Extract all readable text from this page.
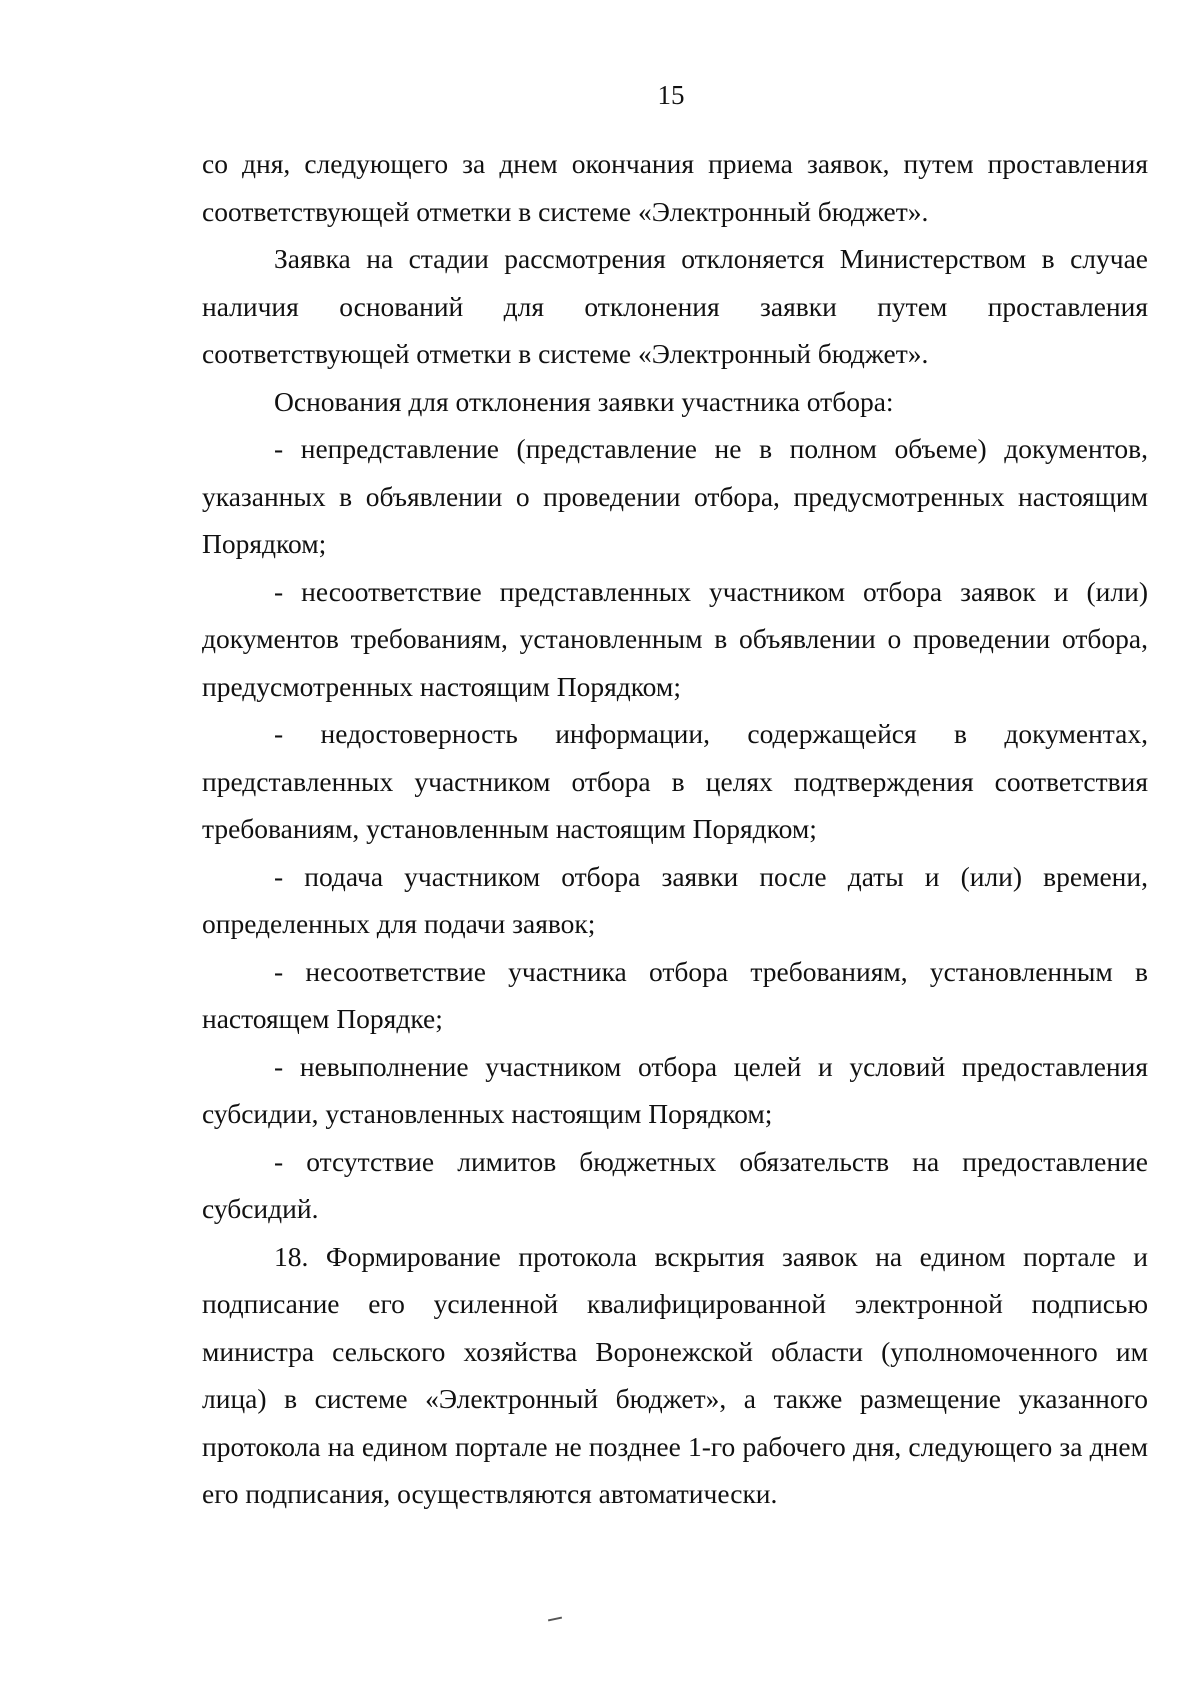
15

со дня, следующего за днем окончания приема заявок, путем проставления соответствующей отметки в системе «Электронный бюджет».

Заявка на стадии рассмотрения отклоняется Министерством в случае наличия оснований для отклонения заявки путем проставления соответствующей отметки в системе «Электронный бюджет».

Основания для отклонения заявки участника отбора:

- непредставление (представление не в полном объеме) документов, указанных в объявлении о проведении отбора, предусмотренных настоящим Порядком;

- несоответствие представленных участником отбора заявок и (или) документов требованиям, установленным в объявлении о проведении отбора, предусмотренных настоящим Порядком;

- недостоверность информации, содержащейся в документах, представленных участником отбора в целях подтверждения соответствия требованиям, установленным настоящим Порядком;

- подача участником отбора заявки после даты и (или) времени, определенных для подачи заявок;

- несоответствие участника отбора требованиям, установленным в настоящем Порядке;

- невыполнение участником отбора целей и условий предоставления субсидии, установленных настоящим Порядком;

- отсутствие лимитов бюджетных обязательств на предоставление субсидий.

18. Формирование протокола вскрытия заявок на едином портале и подписание его усиленной квалифицированной электронной подписью министра сельского хозяйства Воронежской области (уполномоченного им лица) в системе «Электронный бюджет», а также размещение указанного протокола на едином портале не позднее 1-го рабочего дня, следующего за днем его подписания, осуществляются автоматически.
